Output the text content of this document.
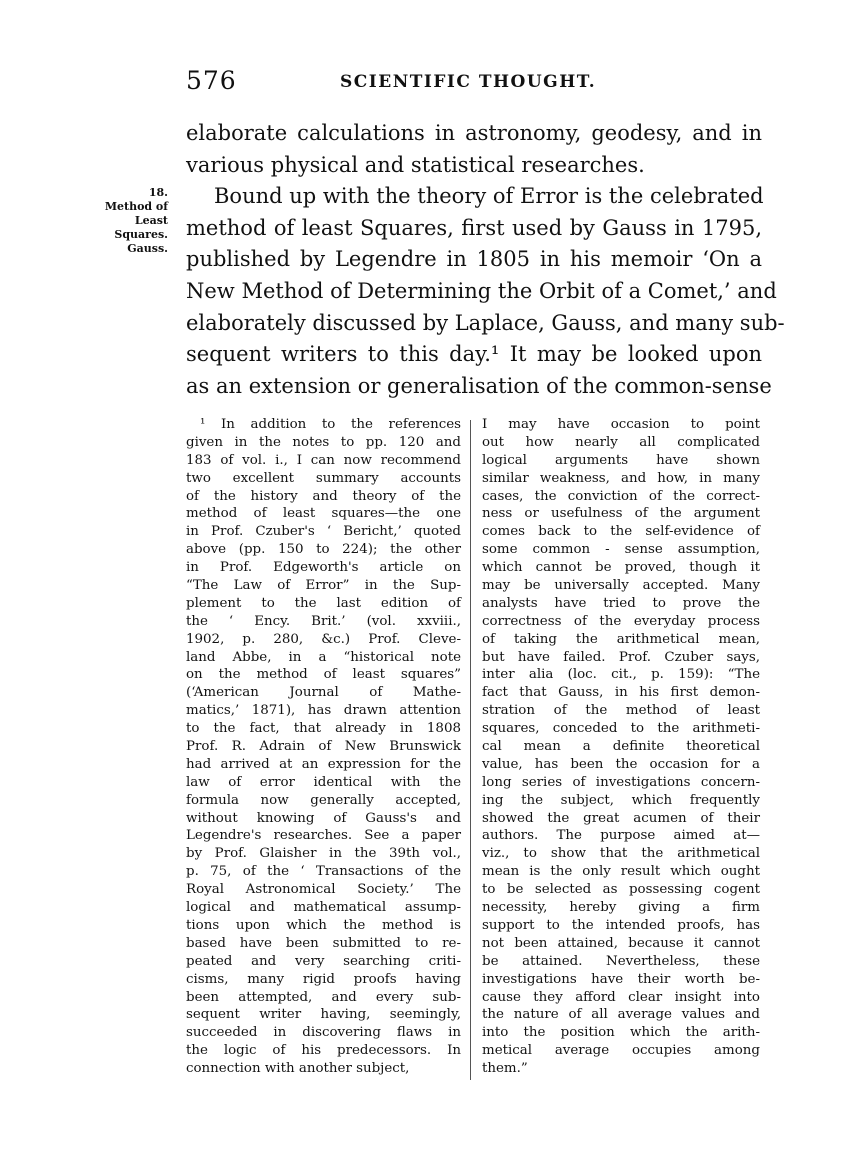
576	SCIENTIFIC THOUGHT.
18.
Method of
Least
Squares.
Gauss.
elaborate calculations in astronomy, geodesy, and in
various physical and statistical researches.
Bound up with the theory of Error is the celebrated
method of least Squares, first used by Gauss in 1795,
published by Legendre in 1805 in his memoir ‘On a
New Method of Determining the Orbit of a Comet,’ and
elaborately discussed by Laplace, Gauss, and many sub-
sequent writers to this day.¹ It may be looked upon
as an extension or generalisation of the common-sense
¹ In addition to the references
given in the notes to pp. 120 and
183 of vol. i., I can now recommend
two excellent summary accounts
of the history and theory of the
method of least squares—the one
in Prof. Czuber's ‘ Bericht,’ quoted
above (pp. 150 to 224); the other
in Prof. Edgeworth's article on
“The Law of Error” in the Sup-
plement to the last edition of
the ‘ Ency. Brit.’ (vol. xxviii.,
1902, p. 280, &c.) Prof. Cleve-
land Abbe, in a “historical note
on the method of least squares”
(‘American Journal of Mathe-
matics,’ 1871), has drawn attention
to the fact, that already in 1808
Prof. R. Adrain of New Brunswick
had arrived at an expression for the
law of error identical with the
formula now generally accepted,
without knowing of Gauss's and
Legendre's researches. See a paper
by Prof. Glaisher in the 39th vol.,
p. 75, of the ‘ Transactions of the
Royal Astronomical Society.’ The
logical and mathematical assump-
tions upon which the method is
based have been submitted to re-
peated and very searching criti-
cisms, many rigid proofs having
been attempted, and every sub-
sequent writer having, seemingly,
succeeded in discovering flaws in
the logic of his predecessors. In
connection with another subject,
I may have occasion to point
out how nearly all complicated
logical arguments have shown
similar weakness, and how, in many
cases, the conviction of the correct-
ness or usefulness of the argument
comes back to the self-evidence of
some common - sense assumption,
which cannot be proved, though it
may be universally accepted. Many
analysts have tried to prove the
correctness of the everyday process
of taking the arithmetical mean,
but have failed. Prof. Czuber says,
inter alia (loc. cit., p. 159): “The
fact that Gauss, in his first demon-
stration of the method of least
squares, conceded to the arithmeti-
cal mean a definite theoretical
value, has been the occasion for a
long series of investigations concern-
ing the subject, which frequently
showed the great acumen of their
authors. The purpose aimed at—
viz., to show that the arithmetical
mean is the only result which ought
to be selected as possessing cogent
necessity, hereby giving a firm
support to the intended proofs, has
not been attained, because it cannot
be attained. Nevertheless, these
investigations have their worth be-
cause they afford clear insight into
the nature of all average values and
into the position which the arith-
metical average occupies among
them.”
